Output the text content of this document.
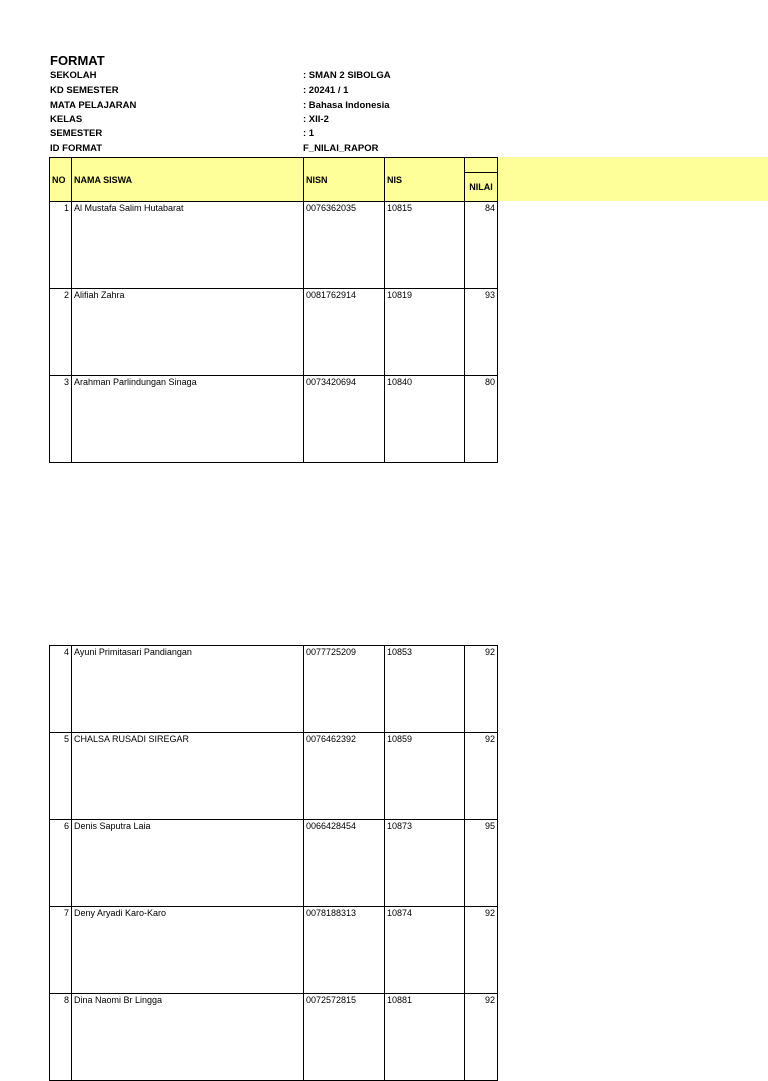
FORMAT
SEKOLAH	: SMAN 2 SIBOLGA
KD SEMESTER	: 20241 / 1
MATA PELAJARAN	: Bahasa Indonesia
KELAS	: XII-2
SEMESTER	: 1
ID FORMAT	F_NILAI_RAPOR
NO	NAMA SISWA	NISN	NIS	NILAI

1	Al Mustafa Salim Hutabarat	0076362035	10815	84
2	Alifiah Zahra	0081762914	10819	93
3	Arahman Parlindungan Sinaga	0073420694	10840	80
4	Ayuni Primitasari Pandiangan	0077725209	10853	92
5	CHALSA RUSADI SIREGAR	0076462392	10859	92
6	Denis Saputra Laia	0066428454	10873	95
7	Deny Aryadi Karo-Karo	0078188313	10874	92
8	Dina Naomi Br Lingga	0072572815	10881	92
